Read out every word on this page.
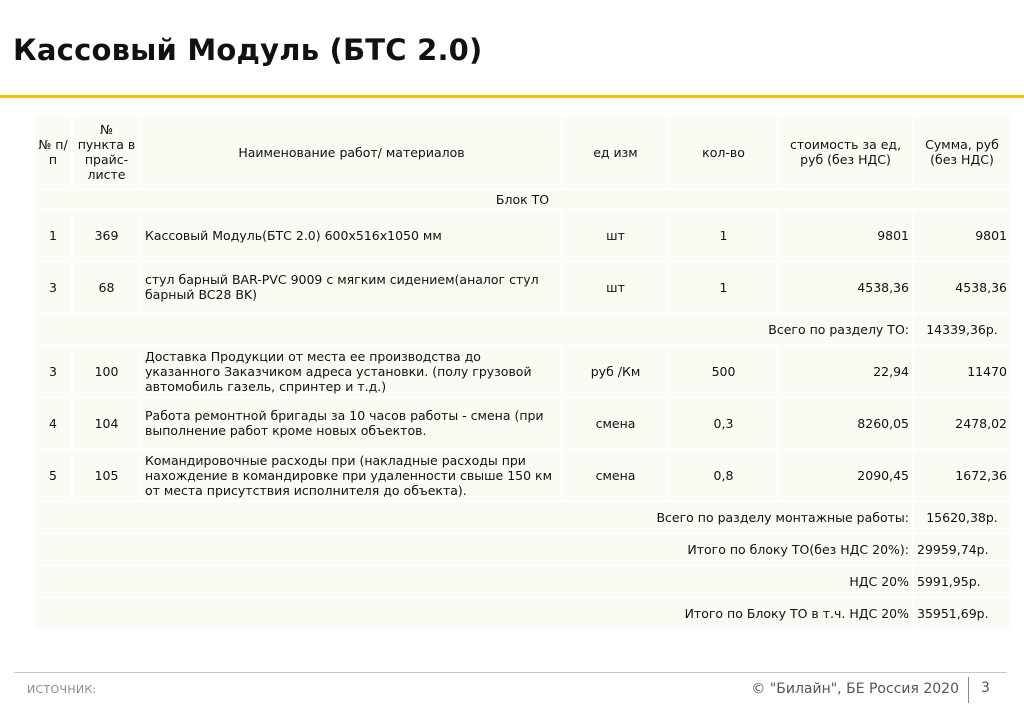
Кассовый Модуль (БТС 2.0)
№ п/п	№ пункта в прайс-листе	Наименование работ/ материалов	ед изм	кол-во	стоимость за ед, руб (без НДС)	Сумма, руб (без НДС)
Блок ТО						
1	369	Кассовый Модуль(БТС 2.0) 600x516x1050 мм	шт	1	9801	9801
3	68	стул барный BAR-PVC 9009 с мягким сидением(аналог стул барный BC28 BK)	шт	1	4538,36	4538,36
Всего по разделу ТО:						14339,36р.
3	100	Доставка Продукции от места ее производства до указанного Заказчиком адреса установки. (полу грузовой автомобиль газель, спринтер и т.д.)	руб /Км	500	22,94	11470
4	104	Работа ремонтной бригады за 10 часов работы - смена (при выполнение работ кроме новых объектов.	смена	0,3	8260,05	2478,02
5	105	Командировочные расходы при (накладные расходы при нахождение в командировке при удаленности свыше 150 км от места присутствия исполнителя до объекта).	смена	0,8	2090,45	1672,36
Всего по разделу монтажные работы:						15620,38р.
Итого по блоку ТО(без НДС 20%):						29959,74р.
НДС 20%						5991,95р.
Итого по Блоку ТО в т.ч. НДС 20%						35951,69р.
ИСТОЧНИК:	© "Билайн", БЕ Россия 2020 3
